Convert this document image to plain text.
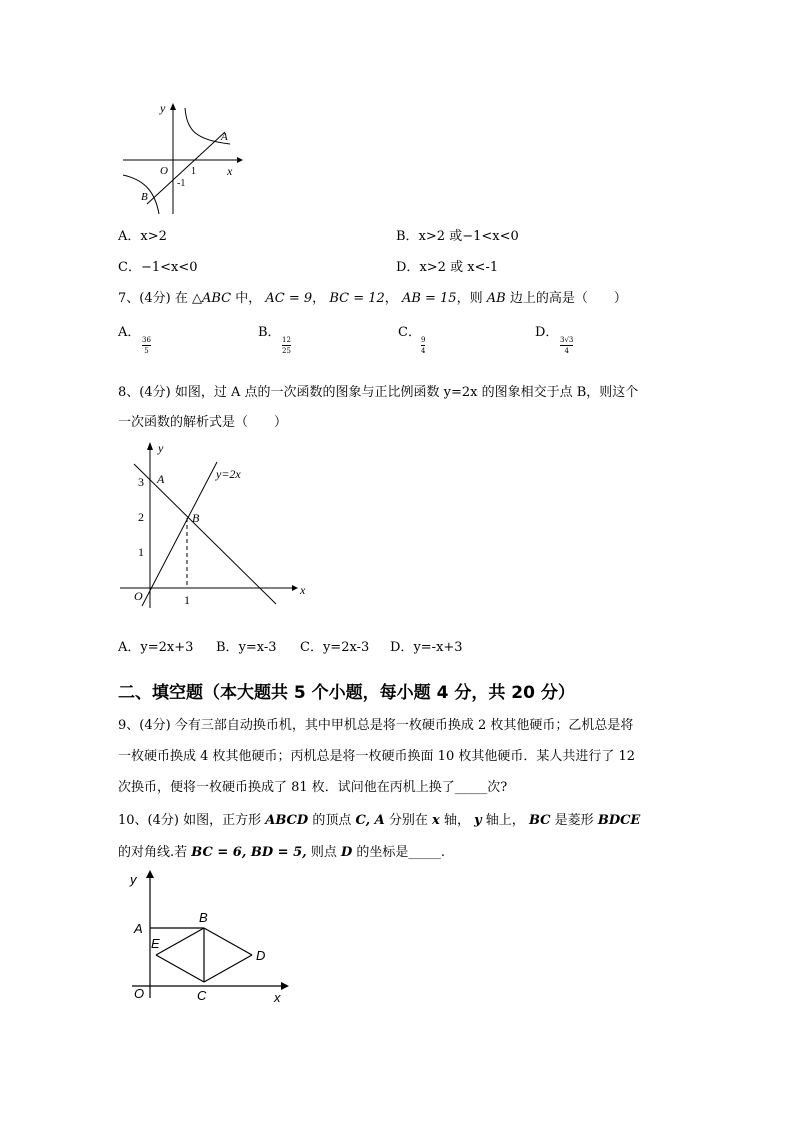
y
x
O 1
-1
A
B
A．x>2	B．x>2 或−1<x<0
C．−1<x<0	D．x>2 或 x<-1
7、(4分) 在 △ABC 中， AC = 9， BC = 12， AB = 15，则 AB 边上的高是（　　）
A． 36
5
B． 12
25
C． 9
4
D． 3√3
4
8、(4分) 如图，过 A 点的一次函数的图象与正比例函数 y=2x 的图象相交于点 B，则这个
一次函数的解析式是（　　）
y
x
O
A
B
y=2x
3
2
1
1
A．y=2x+3 B．y=x-3 C．y=2x-3 D．y=-x+3
二、填空题（本大题共 5 个小题，每小题 4 分，共 20 分）
9、(4分) 今有三部自动换币机，其中甲机总是将一枚硬币换成 2 枚其他硬币；乙机总是将
一枚硬币换成 4 枚其他硬币；丙机总是将一枚硬币换面 10 枚其他硬币．某人共进行了 12
次换币，便将一枚硬币换成了 81 枚．试问他在丙机上换了_____次?
10、(4分) 如图，正方形 ABCD 的顶点 C, A 分别在 x 轴， y 轴上， BC 是菱形 BDCE
的对角线.若 BC = 6, BD = 5, 则点 D 的坐标是_____.
y
x
O
A
B
C
D
E
